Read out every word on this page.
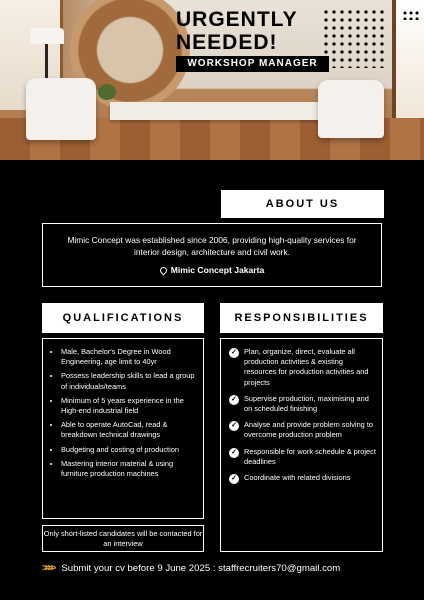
URGENTLY
NEEDED!
WORKSHOP MANAGER
ABOUT US
Mimic Concept was established since 2006, providing high-quality services for interior design, architecture and civil work.
Mimic Concept Jakarta
QUALIFICATIONS
• Male, Bachelor's Degree in Wood Engineering, age limit to 40yr
• Possess leadership skills to lead a group of individuals/teams
• Minimum of 5 years experience in the High-end industrial field
• Able to operate AutoCad, read & breakdown technical drawings
• Budgeting and costing of production
• Mastering interior material & using furniture production machines
Only short-listed candidates will be contacted for an interview
RESPONSIBILITIES
✓ Plan, organize, direct, evaluate all production activities & existing resources for production activities and projects
✓ Supervise production, maximising and on scheduled finishing
✓ Analyse and provide problem solving to overcome production problem
✓ Responsible for work schedule & project deadlines
✓ Coordinate with related divisions
>>>> Submit your cv before 9 June 2025 : staffrecruiters70@gmail.com
